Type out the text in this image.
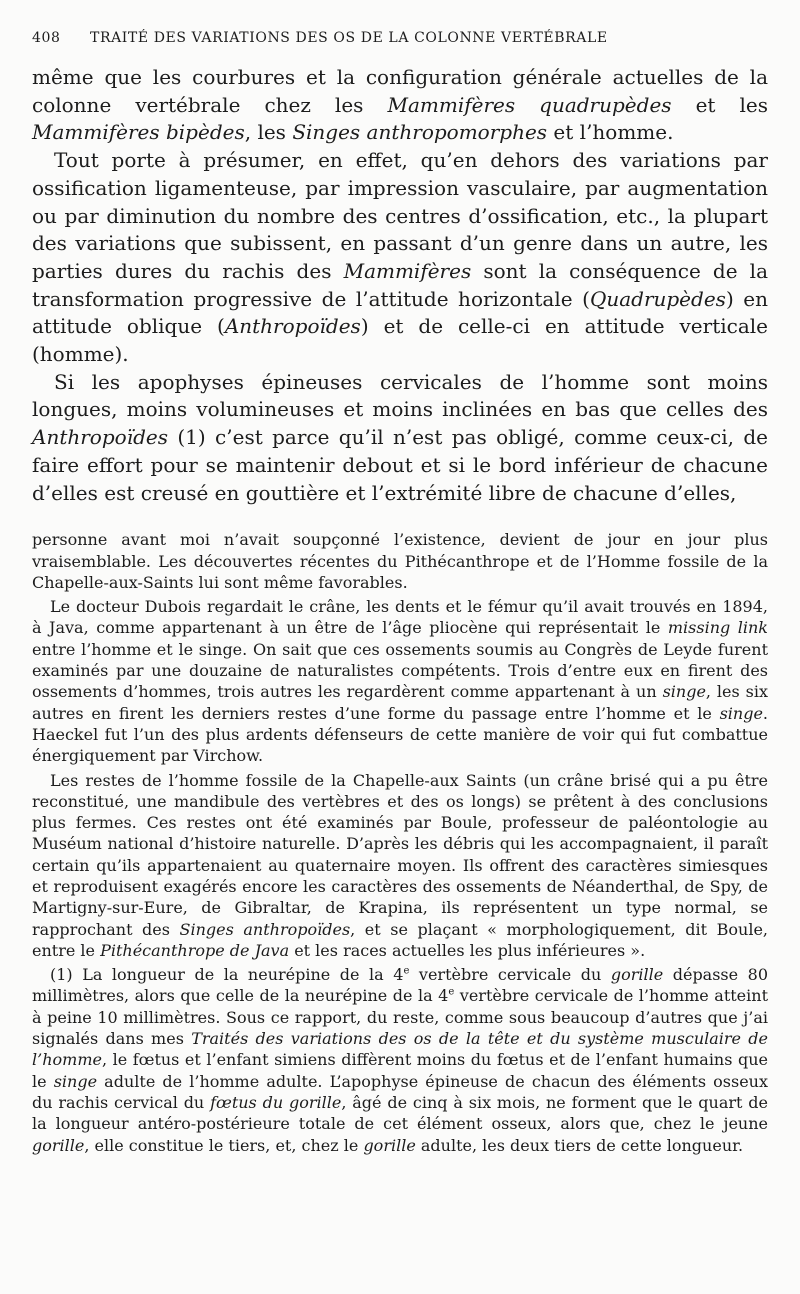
408	TRAITÉ DES VARIATIONS DES OS DE LA COLONNE VERTÉBRALE

même que les courbures et la configuration générale actuelles de la colonne vertébrale chez les Mammifères quadrupèdes et les Mammifères bipèdes, les Singes anthropomorphes et l’homme.

Tout porte à présumer, en effet, qu’en dehors des variations par ossification ligamenteuse, par impression vasculaire, par augmentation ou par diminution du nombre des centres d’ossification, etc., la plupart des variations que subissent, en passant d’un genre dans un autre, les parties dures du rachis des Mammifères sont la conséquence de la transformation progressive de l’attitude horizontale (Quadrupèdes) en attitude oblique (Anthropoïdes) et de celle-ci en attitude verticale (homme).

Si les apophyses épineuses cervicales de l’homme sont moins longues, moins volumineuses et moins inclinées en bas que celles des Anthropoïdes (1) c’est parce qu’il n’est pas obligé, comme ceux-ci, de faire effort pour se maintenir debout et si le bord inférieur de chacune d’elles est creusé en gouttière et l’extrémité libre de chacune d’elles,

personne avant moi n’avait soupçonné l’existence, devient de jour en jour plus vraisemblable. Les découvertes récentes du Pithécanthrope et de l’Homme fossile de la Chapelle-aux-Saints lui sont même favorables.

Le docteur Dubois regardait le crâne, les dents et le fémur qu’il avait trouvés en 1894, à Java, comme appartenant à un être de l’âge pliocène qui représentait le missing link entre l’homme et le singe. On sait que ces ossements soumis au Congrès de Leyde furent examinés par une douzaine de naturalistes compétents. Trois d’entre eux en firent des ossements d’hommes, trois autres les regardèrent comme appartenant à un singe, les six autres en firent les derniers restes d’une forme du passage entre l’homme et le singe. Haeckel fut l’un des plus ardents défenseurs de cette manière de voir qui fut combattue énergiquement par Virchow.

Les restes de l’homme fossile de la Chapelle-aux Saints (un crâne brisé qui a pu être reconstitué, une mandibule des vertèbres et des os longs) se prêtent à des conclusions plus fermes. Ces restes ont été examinés par Boule, professeur de paléontologie au Muséum national d’histoire naturelle. D’après les débris qui les accompagnaient, il paraît certain qu’ils appartenaient au quaternaire moyen. Ils offrent des caractères simiesques et reproduisent exagérés encore les caractères des ossements de Néanderthal, de Spy, de Martigny-sur-Eure, de Gibraltar, de Krapina, ils représentent un type normal, se rapprochant des Singes anthropoïdes, et se plaçant « morphologiquement, dit Boule, entre le Pithécanthrope de Java et les races actuelles les plus inférieures ».

(1) La longueur de la neurépine de la 4e vertèbre cervicale du gorille dépasse 80 millimètres, alors que celle de la neurépine de la 4e vertèbre cervicale de l’homme atteint à peine 10 millimètres. Sous ce rapport, du reste, comme sous beaucoup d’autres que j’ai signalés dans mes Traités des variations des os de la tête et du système musculaire de l’homme, le fœtus et l’enfant simiens diffèrent moins du fœtus et de l’enfant humains que le singe adulte de l’homme adulte. L’apophyse épineuse de chacun des éléments osseux du rachis cervical du fœtus du gorille, âgé de cinq à six mois, ne forment que le quart de la longueur antéro-postérieure totale de cet élément osseux, alors que, chez le jeune gorille, elle constitue le tiers, et, chez le gorille adulte, les deux tiers de cette longueur.
